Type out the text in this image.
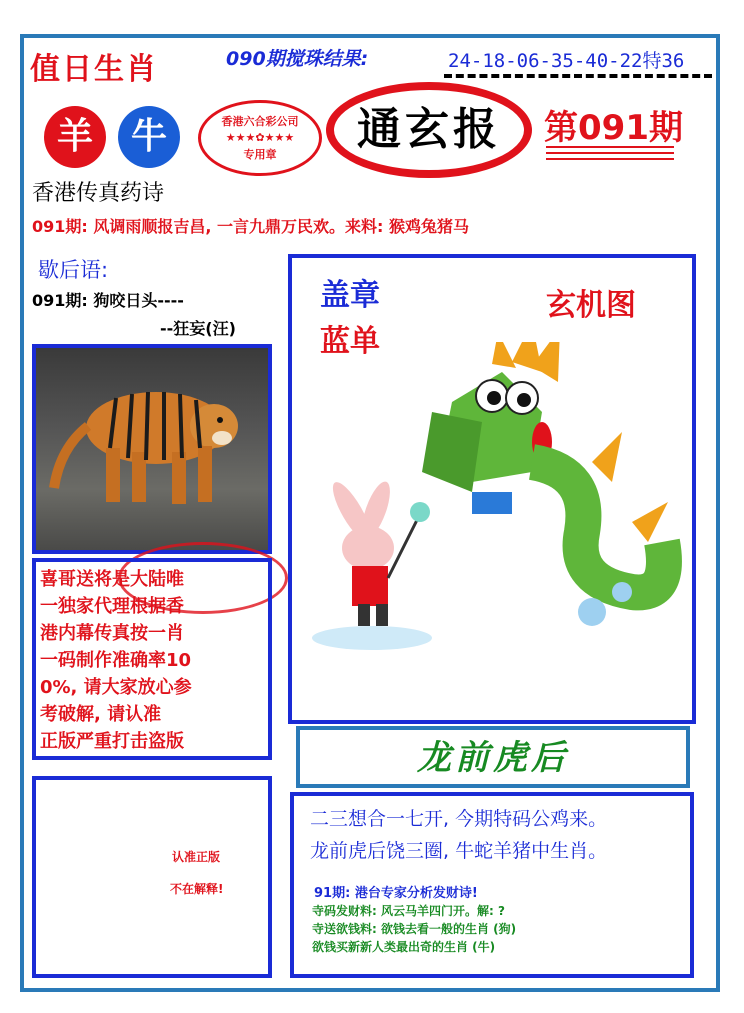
值日生肖	090期搅珠结果:	24-18-06-35-40-22特36
羊	牛	香港六合彩公司
★★★✿★★★
专用章	通玄报	第091期
香港传真药诗
091期: 风调雨顺报吉昌, 一言九鼎万民欢。来料: 猴鸡兔猪马
歇后语:
091期: 狗咬日头----
--狂妄(汪)
喜哥送将是大陆唯
一独家代理根据香
港内幕传真按一肖
一码制作准确率10
0%, 请大家放心参
考破解, 请认准
正版严重打击盗版
认准正版
不在解释!
盖章
蓝单
玄机图
龙前虎后
二三想合一七开, 今期特码公鸡来。
龙前虎后饶三圈, 牛蛇羊猪中生肖。
91期: 港台专家分析发财诗!
寺码发财料: 风云马羊四门开。解: ?
寺送欲钱料: 欲钱去看一般的生肖 (狗)
欲钱买新新人类最出奇的生肖 (牛)
